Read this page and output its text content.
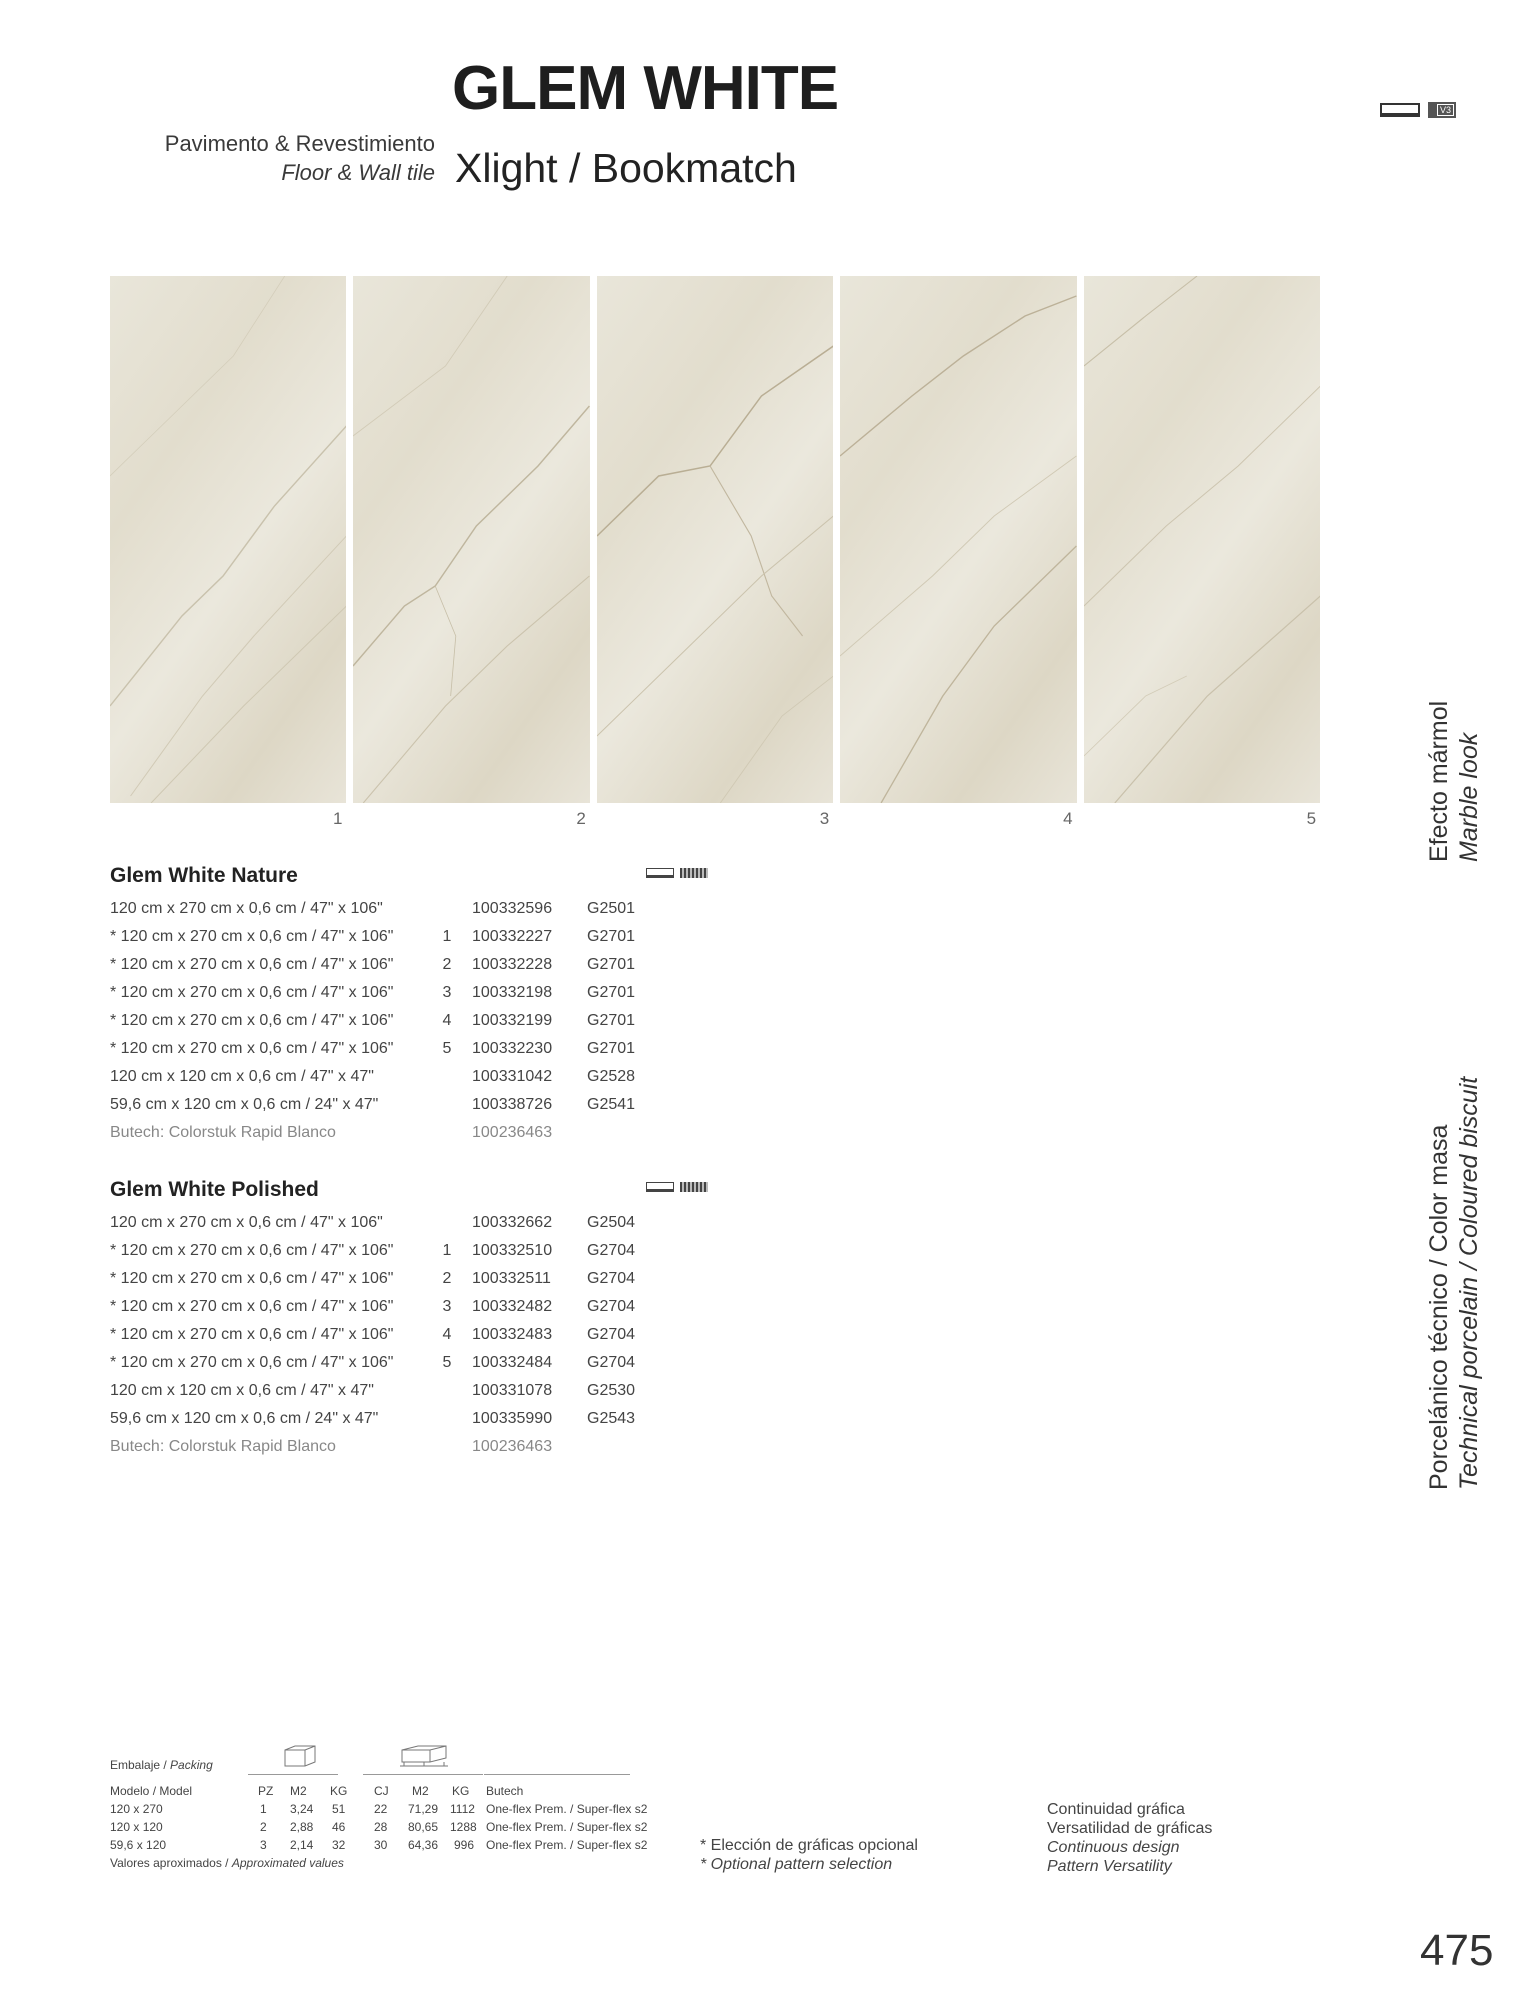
Pavimento & Revestimiento
Floor & Wall tile
GLEM WHITE
Xlight / Bookmatch
V3
1	2	3	4	5	Efecto mármol Marble look
Porcelánico técnico / Color masa Technical porcelain / Coloured biscuit
Glem White Nature
120 cm x 270 cm x 0,6 cm / 47" x 106"	100332596 G2501
* 120 cm x 270 cm x 0,6 cm / 47" x 106"	1 100332227 G2701
* 120 cm x 270 cm x 0,6 cm / 47" x 106"	2 100332228 G2701
* 120 cm x 270 cm x 0,6 cm / 47" x 106"	3 100332198 G2701
* 120 cm x 270 cm x 0,6 cm / 47" x 106"	4 100332199 G2701
* 120 cm x 270 cm x 0,6 cm / 47" x 106"	5 100332230 G2701
120 cm x 120 cm x 0,6 cm / 47" x 47"	100331042 G2528
59,6 cm x 120 cm x 0,6 cm / 24" x 47"	100338726 G2541
Butech: Colorstuk Rapid Blanco	100236463
Glem White Polished
120 cm x 270 cm x 0,6 cm / 47" x 106"	100332662 G2504
* 120 cm x 270 cm x 0,6 cm / 47" x 106"	1 100332510 G2704
* 120 cm x 270 cm x 0,6 cm / 47" x 106"	2 100332511 G2704
* 120 cm x 270 cm x 0,6 cm / 47" x 106"	3 100332482 G2704
* 120 cm x 270 cm x 0,6 cm / 47" x 106"	4 100332483 G2704
* 120 cm x 270 cm x 0,6 cm / 47" x 106"	5 100332484 G2704
120 cm x 120 cm x 0,6 cm / 47" x 47"	100331078 G2530
59,6 cm x 120 cm x 0,6 cm / 24" x 47"	100335990 G2543
Butech: Colorstuk Rapid Blanco	100236463
Embalaje / Packing
Modelo / Model	PZ M2 KG CJ M2 KG Butech
120 x 270	1 3,24 51 22 71,29 1112 One-flex Prem. / Super-flex s2
120 x 120	2 2,88 46 28 80,65 1288 One-flex Prem. / Super-flex s2
59,6 x 120	3 2,14 32 30 64,36 996 One-flex Prem. / Super-flex s2
Valores aproximados / Approximated values
* Elección de gráficas opcional
* Optional pattern selection
Continuidad gráfica
Versatilidad de gráficas
Continuous design
Pattern Versatility
475
